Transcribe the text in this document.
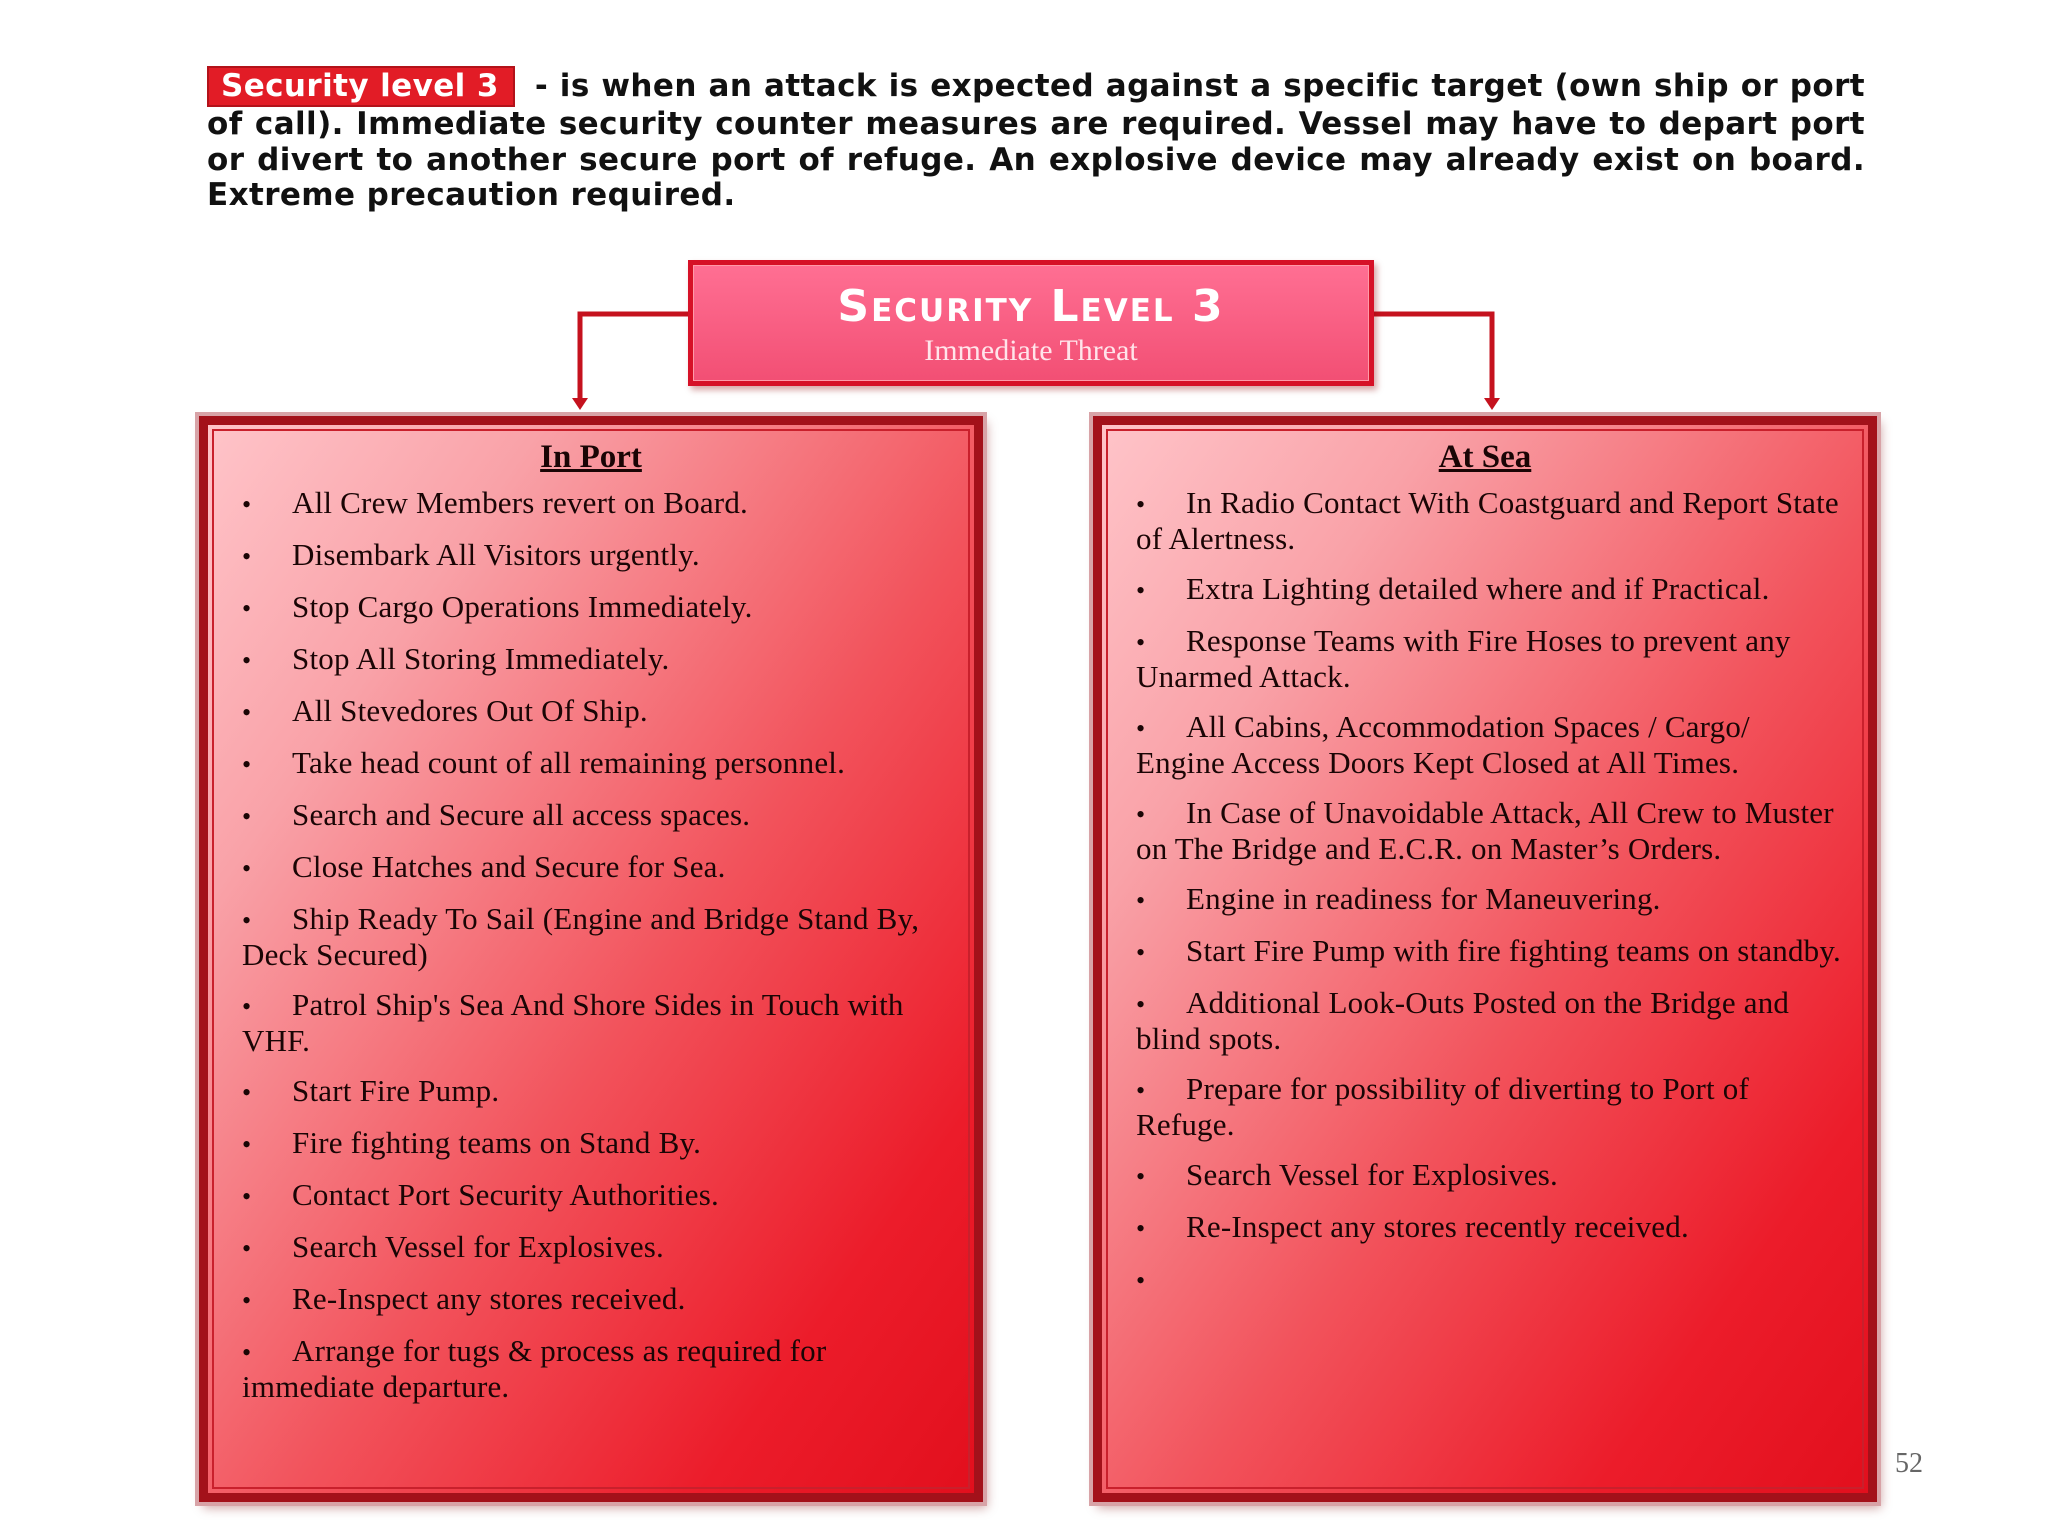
Security level 3 - is when an attack is expected against a specific target (own ship or port of call). Immediate security counter measures are required. Vessel may have to depart port or divert to another secure port of refuge. An explosive device may already exist on board. Extreme precaution required.
Security Level 3
Immediate Threat
In Port
• All Crew Members revert on Board.
• Disembark All Visitors urgently.
• Stop Cargo Operations Immediately.
• Stop All Storing Immediately.
• All Stevedores Out Of Ship.
• Take head count of all remaining personnel.
• Search and Secure all access spaces.
• Close Hatches and Secure for Sea.
• Ship Ready To Sail (Engine and Bridge Stand By, Deck Secured)
• Patrol Ship's Sea And Shore Sides in Touch with VHF.
• Start Fire Pump.
• Fire fighting teams on Stand By.
• Contact Port Security Authorities.
• Search Vessel for Explosives.
• Re-Inspect any stores received.
• Arrange for tugs & process as required for immediate departure.
At Sea
• In Radio Contact With Coastguard and Report State of Alertness.
• Extra Lighting detailed where and if Practical.
• Response Teams with Fire Hoses to prevent any Unarmed Attack.
• All Cabins, Accommodation Spaces / Cargo/ Engine Access Doors Kept Closed at All Times.
• In Case of Unavoidable Attack, All Crew to Muster on The Bridge and E.C.R. on Master’s Orders.
• Engine in readiness for Maneuvering.
• Start Fire Pump with fire fighting teams on standby.
• Additional Look-Outs Posted on the Bridge and blind spots.
• Prepare for possibility of diverting to Port of Refuge.
• Search Vessel for Explosives.
• Re-Inspect any stores recently received.
•
52
